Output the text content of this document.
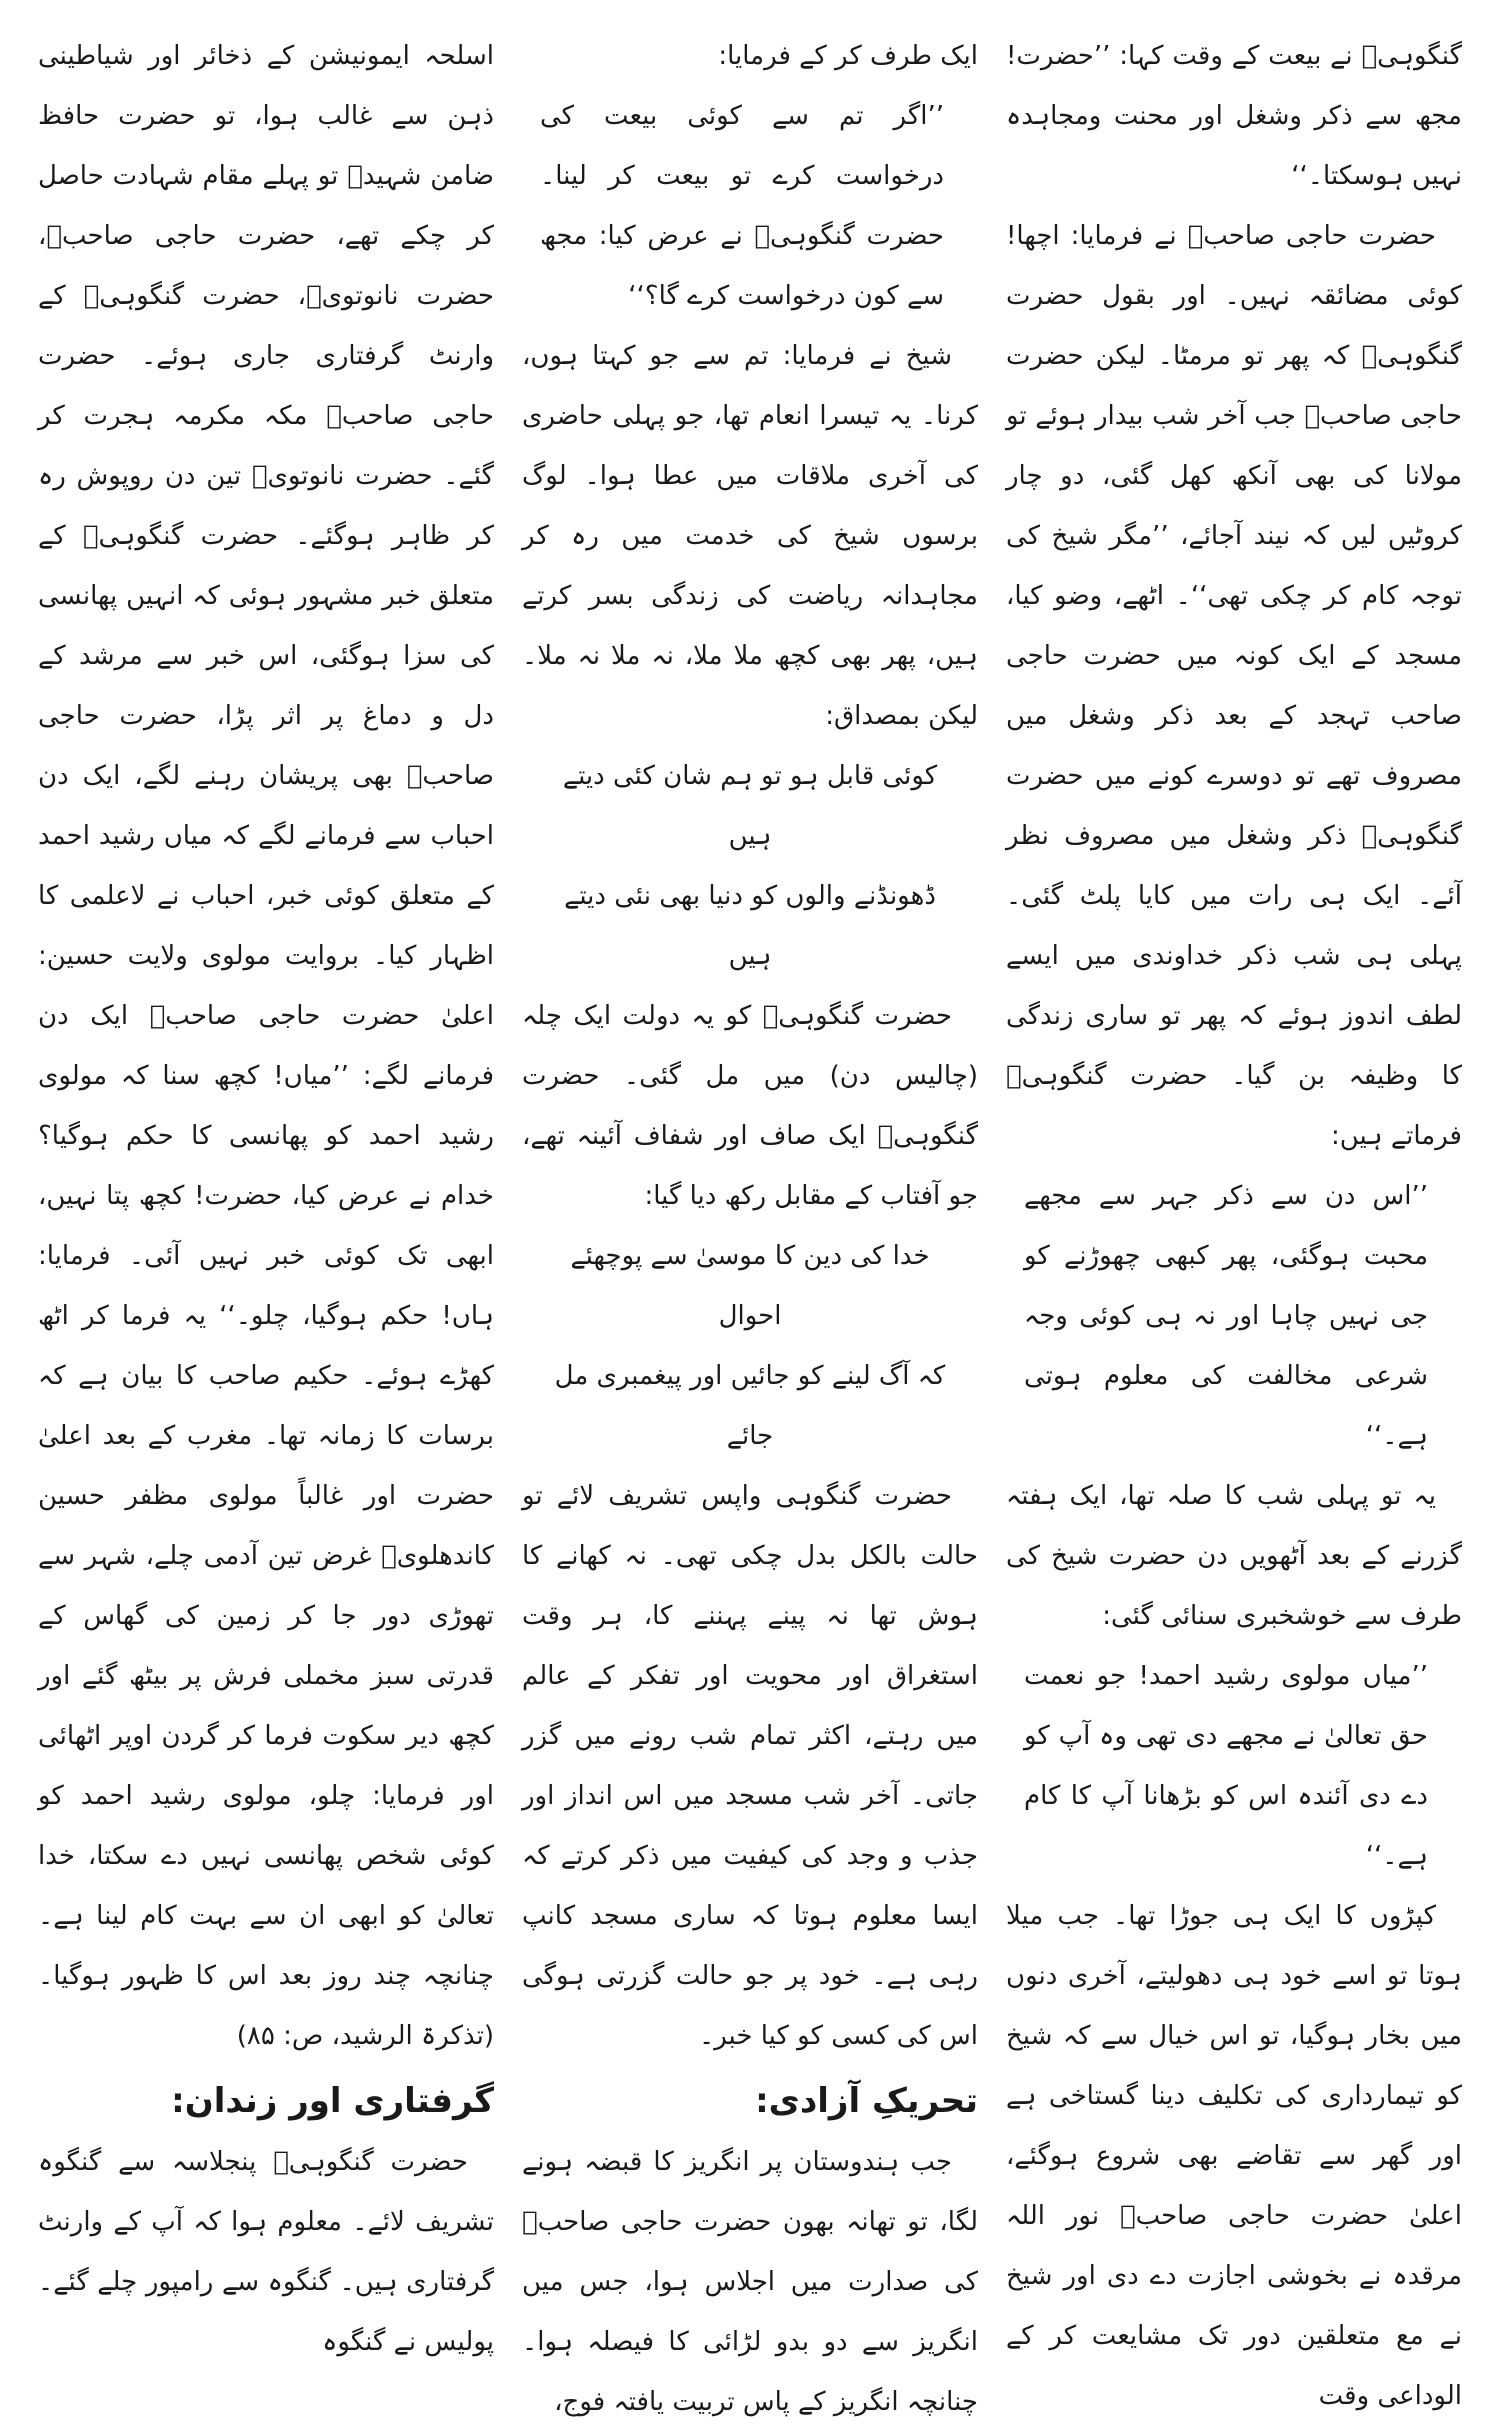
گنگوہیؒ نے بیعت کے وقت کہا: ’’حضرت! مجھ سے ذکر وشغل اور محنت ومجاہدہ نہیں ہوسکتا۔‘‘

حضرت حاجی صاحبؒ نے فرمایا: اچھا! کوئی مضائقہ نہیں۔ اور بقول حضرت گنگوہیؒ کہ پھر تو مرمٹا۔ لیکن حضرت حاجی صاحبؒ جب آخر شب بیدار ہوئے تو مولانا کی بھی آنکھ کھل گئی، دو چار کروٹیں لیں کہ نیند آجائے، ’’مگر شیخ کی توجہ کام کر چکی تھی‘‘۔ اٹھے، وضو کیا، مسجد کے ایک کونہ میں حضرت حاجی صاحب تہجد کے بعد ذکر وشغل میں مصروف تھے تو دوسرے کونے میں حضرت گنگوہیؒ ذکر وشغل میں مصروف نظر آئے۔ ایک ہی رات میں کایا پلٹ گئی۔ پہلی ہی شب ذکر خداوندی میں ایسے لطف اندوز ہوئے کہ پھر تو ساری زندگی کا وظیفہ بن گیا۔ حضرت گنگوہیؒ فرماتے ہیں:

’’اس دن سے ذکر جہر سے مجھے محبت ہوگئی، پھر کبھی چھوڑنے کو جی نہیں چاہا اور نہ ہی کوئی وجہ شرعی مخالفت کی معلوم ہوتی ہے۔‘‘

یہ تو پہلی شب کا صلہ تھا، ایک ہفتہ گزرنے کے بعد آٹھویں دن حضرت شیخ کی طرف سے خوشخبری سنائی گئی:

’’میاں مولوی رشید احمد! جو نعمت حق تعالیٰ نے مجھے دی تھی وہ آپ کو دے دی آئندہ اس کو بڑھانا آپ کا کام ہے۔‘‘

کپڑوں کا ایک ہی جوڑا تھا۔ جب میلا ہوتا تو اسے خود ہی دھولیتے، آخری دنوں میں بخار ہوگیا، تو اس خیال سے کہ شیخ کو تیمارداری کی تکلیف دینا گستاخی ہے اور گھر سے تقاضے بھی شروع ہوگئے، اعلیٰ حضرت حاجی صاحبؒ نور اللہ مرقدہ نے بخوشی اجازت دے دی اور شیخ نے مع متعلقین دور تک مشایعت کر کے الوداعی وقت

ایک طرف کر کے فرمایا:

’’اگر تم سے کوئی بیعت کی درخواست کرے تو بیعت کر لینا۔ حضرت گنگوہیؒ نے عرض کیا: مجھ سے کون درخواست کرے گا؟‘‘

شیخ نے فرمایا: تم سے جو کہتا ہوں، کرنا۔ یہ تیسرا انعام تھا، جو پہلی حاضری کی آخری ملاقات میں عطا ہوا۔ لوگ برسوں شیخ کی خدمت میں رہ کر مجاہدانہ ریاضت کی زندگی بسر کرتے ہیں، پھر بھی کچھ ملا ملا، نہ ملا نہ ملا۔ لیکن بمصداق:

کوئی قابل ہو تو ہم شان کئی دیتے ہیں

ڈھونڈنے والوں کو دنیا بھی نئی دیتے ہیں

حضرت گنگوہیؒ کو یہ دولت ایک چلہ (چالیس دن) میں مل گئی۔ حضرت گنگوہیؒ ایک صاف اور شفاف آئینہ تھے، جو آفتاب کے مقابل رکھ دیا گیا:

خدا کی دین کا موسیٰ سے پوچھئے احوال

کہ آگ لینے کو جائیں اور پیغمبری مل جائے

حضرت گنگوہی واپس تشریف لائے تو حالت بالکل بدل چکی تھی۔ نہ کھانے کا ہوش تھا نہ پینے پہننے کا، ہر وقت استغراق اور محویت اور تفکر کے عالم میں رہتے، اکثر تمام شب رونے میں گزر جاتی۔ آخر شب مسجد میں اس انداز اور جذب و وجد کی کیفیت میں ذکر کرتے کہ ایسا معلوم ہوتا کہ ساری مسجد کانپ رہی ہے۔ خود پر جو حالت گزرتی ہوگی اس کی کسی کو کیا خبر۔

تحریکِ آزادی:

جب ہندوستان پر انگریز کا قبضہ ہونے لگا، تو تھانہ بھون حضرت حاجی صاحبؒ کی صدارت میں اجلاس ہوا، جس میں انگریز سے دو بدو لڑائی کا فیصلہ ہوا۔ چنانچہ انگریز کے پاس تربیت یافتہ فوج،

اسلحہ ایمونیشن کے ذخائر اور شیاطینی ذہن سے غالب ہوا، تو حضرت حافظ ضامن شہیدؒ تو پہلے مقام شہادت حاصل کر چکے تھے، حضرت حاجی صاحبؒ، حضرت نانوتویؒ، حضرت گنگوہیؒ کے وارنٹ گرفتاری جاری ہوئے۔ حضرت حاجی صاحبؒ مکہ مکرمہ ہجرت کر گئے۔ حضرت نانوتویؒ تین دن روپوش رہ کر ظاہر ہوگئے۔ حضرت گنگوہیؒ کے متعلق خبر مشہور ہوئی کہ انہیں پھانسی کی سزا ہوگئی، اس خبر سے مرشد کے دل و دماغ پر اثر پڑا، حضرت حاجی صاحبؒ بھی پریشان رہنے لگے، ایک دن احباب سے فرمانے لگے کہ میاں رشید احمد کے متعلق کوئی خبر، احباب نے لاعلمی کا اظہار کیا۔ بروایت مولوی ولایت حسین: اعلیٰ حضرت حاجی صاحبؒ ایک دن فرمانے لگے: ’’میاں! کچھ سنا کہ مولوی رشید احمد کو پھانسی کا حکم ہوگیا؟ خدام نے عرض کیا، حضرت! کچھ پتا نہیں، ابھی تک کوئی خبر نہیں آئی۔ فرمایا: ہاں! حکم ہوگیا، چلو۔‘‘ یہ فرما کر اٹھ کھڑے ہوئے۔ حکیم صاحب کا بیان ہے کہ برسات کا زمانہ تھا۔ مغرب کے بعد اعلیٰ حضرت اور غالباً مولوی مظفر حسین کاندھلویؒ غرض تین آدمی چلے، شہر سے تھوڑی دور جا کر زمین کی گھاس کے قدرتی سبز مخملی فرش پر بیٹھ گئے اور کچھ دیر سکوت فرما کر گردن اوپر اٹھائی اور فرمایا: چلو، مولوی رشید احمد کو کوئی شخص پھانسی نہیں دے سکتا، خدا تعالیٰ کو ابھی ان سے بہت کام لینا ہے۔ چنانچہ چند روز بعد اس کا ظہور ہوگیا۔ (تذکرۃ الرشید، ص: ۸۵)

گرفتاری اور زندان:

حضرت گنگوہیؒ پنجلاسہ سے گنگوہ تشریف لائے۔ معلوم ہوا کہ آپ کے وارنٹ گرفتاری ہیں۔ گنگوہ سے رامپور چلے گئے۔ پولیس نے گنگوہ
